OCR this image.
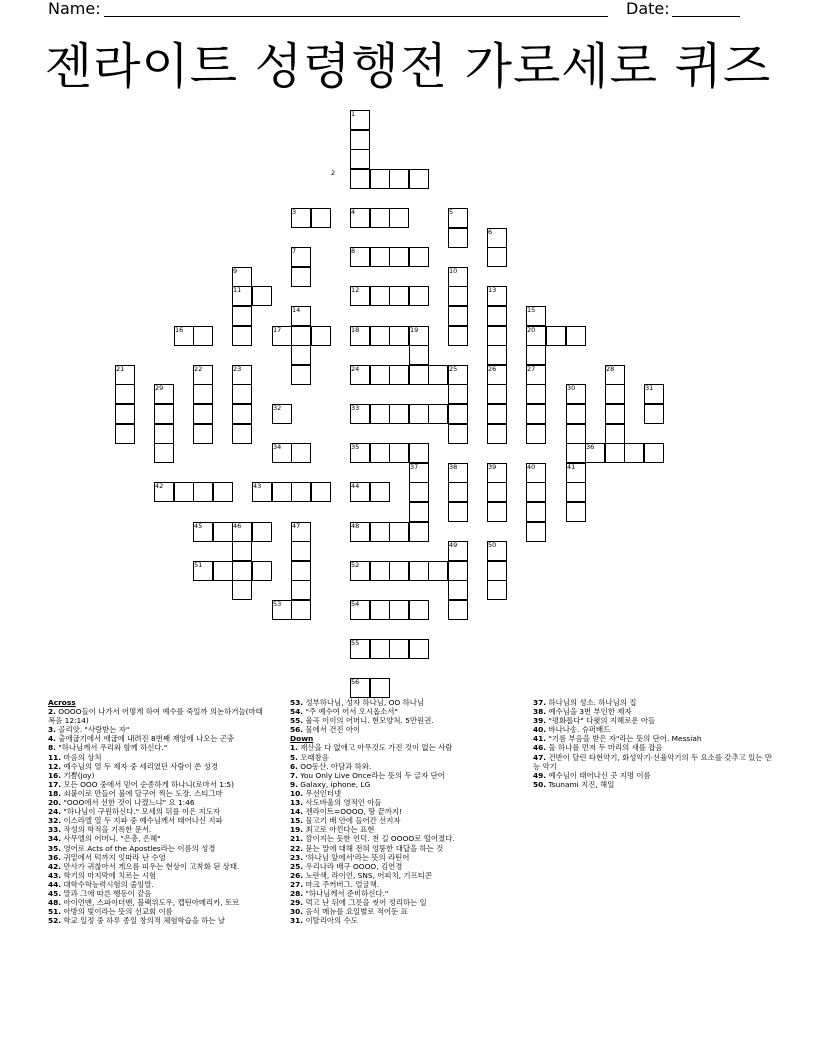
Name:	Date:
젠라이트 성령행전 가로세로 퀴즈
1
2
3	4	5
6
7	8
9	10
11	12	13
14	15
16	17	18	19	20
21	22	23	24	25	26	27	28
29	30	31
32	33
34	35	36
37	38	39	40	41
42	43	44
45	46	47	48
49	50
51	52
53	54
55
56
Across
2. OOOO들이 나가서 어떻게 하여 예수를 죽일까 의논하거늘(마태복음 12:14)
3. 골리앗. "사랑받는 자"
4. 출애굽기에서 애굽에 내려진 8번째 재앙에 나오는 곤충
8. "하나님께서 우리와 함께 하신다."
11. 마음의 상처
12. 예수님의 열 두 제자 중 세리였던 사람이 쓴 성경
16. 기쁨(joy)
17. 모든 OOO 중에서 믿어 순종하게 하나니(로마서 1:5)
18. 쇠붙이로 만들어 불에 달구어 찍는 도장. 스티그마
20. "OOO에서 선한 것이 나겠느냐" 요 1:46
24. "하나님이 구원하신다." 모세의 뒤를 이은 지도자
32. 이스라엘 열 두 지파 중 예수님께서 태어나신 지파
33. 작성의 학적을 기록한 문서.
34. 사무엘의 어머니. "은총, 은혜"
35. 영어로 Acts of the Apostles라는 이름의 성경
36. 귀밑에서 턱까지 잇따라 난 수염
42. 만사가 귀찮아서 게으름 피우는 현상이 고착화 된 상태.
43. 학기의 마지막에 치르는 시험
44. 대학수학능력시험의 줄임말.
45. 말과 그에 따른 행동이 같음
48. 아이언맨, 스파이더맨, 블랙위도우, 캡틴아메리카, 토르
51. 아방의 빛이라는 뜻의 선교회 이름
52. 학교 일정 중 하루 종일 창의적 체험학습을 하는 날
53. 성부하나님, 성자 하나님, OO 하나님
54. "주 예수여 어서 오시옵소서"
55. 율곡 이이의 어머니. 현모양처. 5만원권.
56. 물에서 건진 아이
Down
1. 재산을 다 없애고 아무것도 가진 것이 없는 사람
5. 오래참음
6. OO동산. 아담과 하와.
7. You Only Live Once라는 뜻의 두 글자 단어
9. Galaxy, iphone, LG
10. 무선인터넷
13. 사도바울의 영적인 아들
14. 젠라이트=OOOO, 땅 끝까지!
15. 물고기 배 안에 들어간 선지자
19. 최고로 아낀다는 표현
21. 깜이지는 듯한 언덕. 천 길 OOOO로 떨어졌다.
22. 묻는 말에 대해 전혀 엉뚱한 대답을 하는 것
23. '하나님 앞에서'라는 뜻의 라틴어
25. 우리나라 배구 OOOO, 김연경
26. 노란색, 라이언, SNS, 어피치, 기프티콘
27. 마크 주커버그. 얼굴책.
28. "하나님께서 준비하신다."
29. 먹고 난 뒤에 그릇을 씻어 정리하는 일
30. 음식 메뉴를 요일별로 적어둔 표
31. 이탈리아의 수도
37. 하나님의 성소. 하나님의 집
38. 예수님을 3번 부인한 제자
39. "평화롭다" 다윗의 지혜로운 아들
40. 바나나송. 슈퍼배드
41. "기름 부음을 받은 자"라는 뜻의 단어. Messiah
46. 둘 하나를 먼저 두 마리의 새를 잡음
47. 건반이 달린 타현악기, 화성악기·선율악기의 두 요소를 갖추고 있는 만능 악기
49. 예수님이 태어나신 곳 지명 이름
50. Tsunami 지진, 해일
